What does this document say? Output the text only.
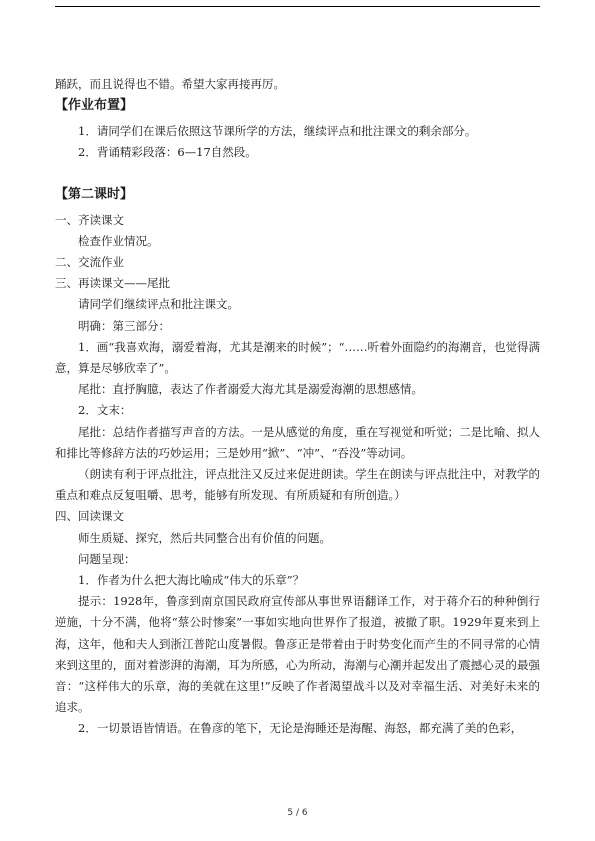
踊跃，而且说得也不错。希望大家再接再厉。

【作业布置】

1．请同学们在课后依照这节课所学的方法，继续评点和批注课文的剩余部分。

2．背诵精彩段落：6—17自然段。

【第二课时】

一、齐读课文

检查作业情况。

二、交流作业

三、再读课文——尾批

请同学们继续评点和批注课文。

明确：第三部分：

1．画“我喜欢海，溺爱着海，尤其是潮来的时候”；“……听着外面隐约的海潮音，也觉得满意，算是尽够欣幸了”。

尾批：直抒胸臆，表达了作者溺爱大海尤其是溺爱海潮的思想感情。

2．文末：

尾批：总结作者描写声音的方法。一是从感觉的角度，重在写视觉和听觉；二是比喻、拟人和排比等修辞方法的巧妙运用；三是妙用“掀”、“冲”、“吞没”等动词。

（朗读有利于评点批注，评点批注又反过来促进朗读。学生在朗读与评点批注中，对教学的重点和难点反复咀嚼、思考，能够有所发现、有所质疑和有所创造。）

四、回读课文

师生质疑、探究，然后共同整合出有价值的问题。

问题呈现：

1．作者为什么把大海比喻成“伟大的乐章”？

提示：1928年，鲁彦到南京国民政府宣传部从事世界语翻译工作，对于蒋介石的种种倒行逆施，十分不满，他将“蔡公时惨案”一事如实地向世界作了报道，被撤了职。1929年夏来到上海，这年，他和夫人到浙江普陀山度暑假。鲁彦正是带着由于时势变化而产生的不同寻常的心情来到这里的，面对着澎湃的海潮，耳为所感，心为所动，海潮与心潮并起发出了震撼心灵的最强音：“这样伟大的乐章，海的美就在这里!”反映了作者渴望战斗以及对幸福生活、对美好未来的追求。

2．一切景语皆情语。在鲁彦的笔下，无论是海睡还是海醒、海怒，都充满了美的色彩，

5 / 6
